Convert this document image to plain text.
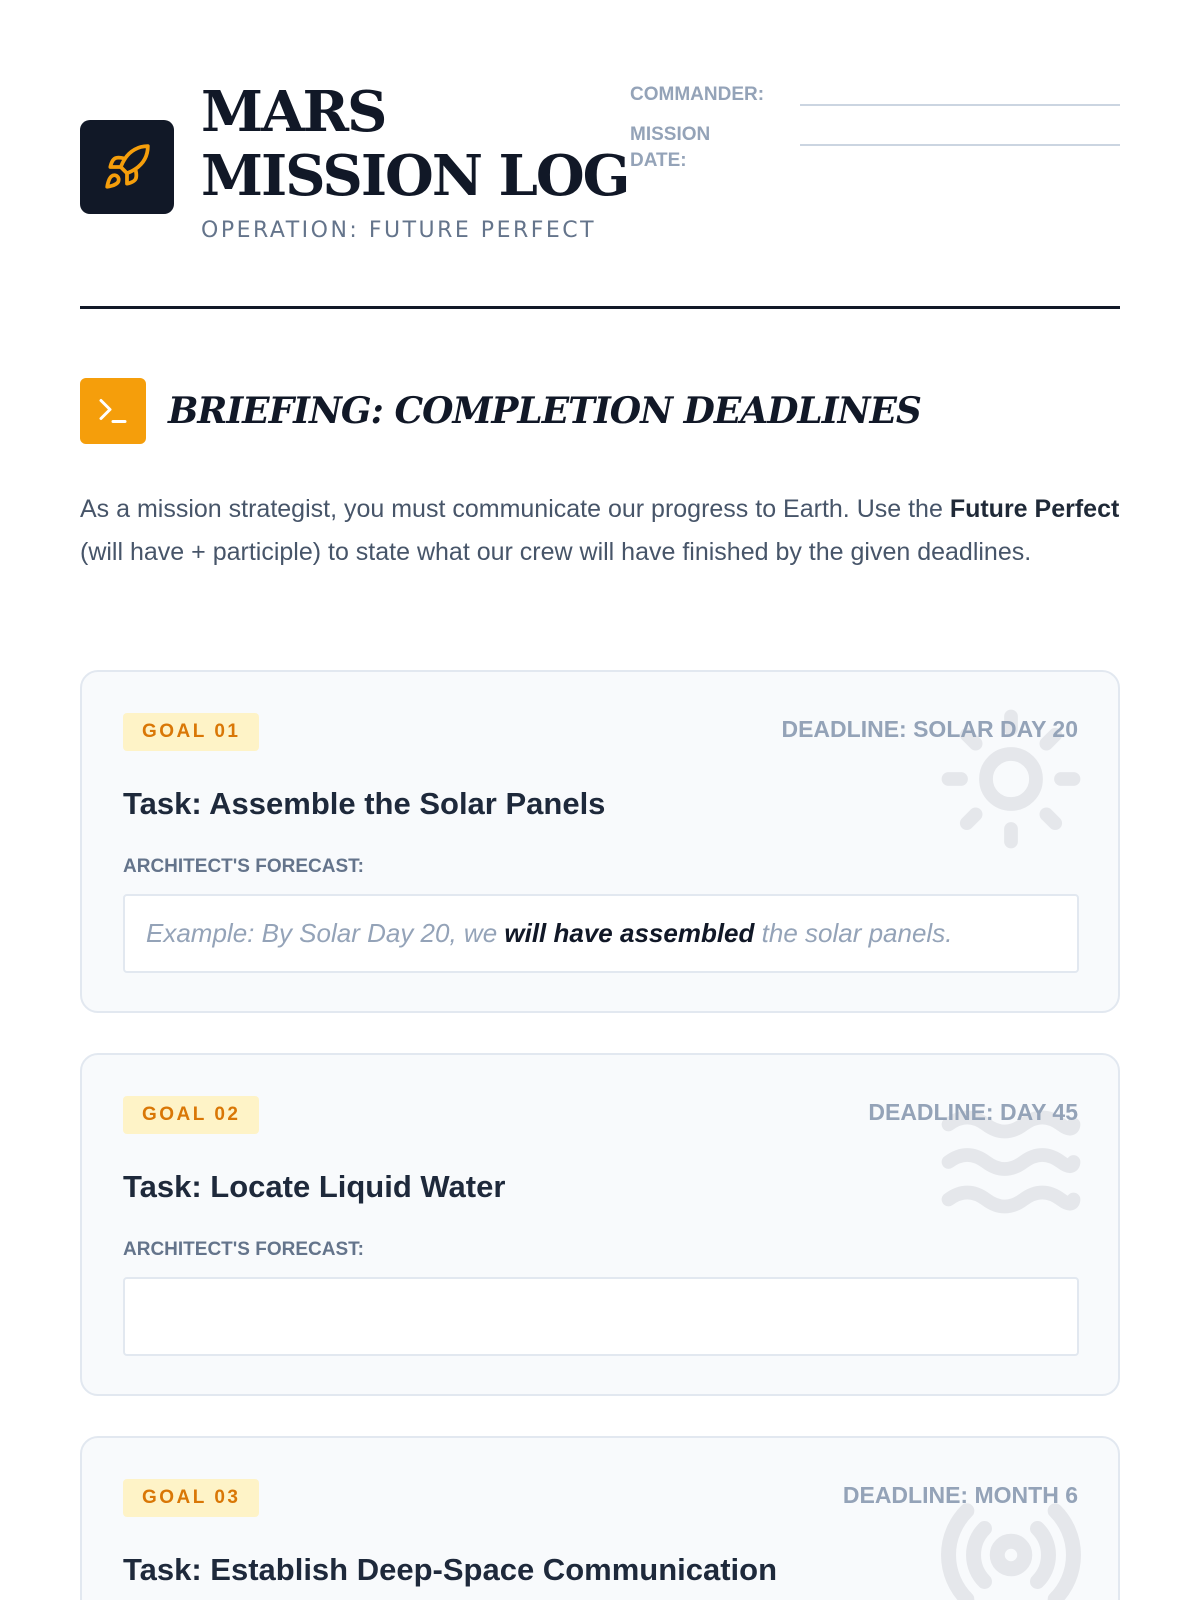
MARS
MISSION LOG
OPERATION: FUTURE PERFECT
COMMANDER:
MISSION
DATE:
BRIEFING: COMPLETION DEADLINES

As a mission strategist, you must communicate our progress to Earth. Use the Future Perfect (will have + participle) to state what our crew will have finished by the given deadlines.

GOAL 01	DEADLINE: SOLAR DAY 20
Task: Assemble the Solar Panels
ARCHITECT'S FORECAST:
Example: By Solar Day 20, we will have assembled the solar panels.
GOAL 02	DEADLINE: DAY 45
Task: Locate Liquid Water
ARCHITECT'S FORECAST:
GOAL 03	DEADLINE: MONTH 6
Task: Establish Deep-Space Communication
